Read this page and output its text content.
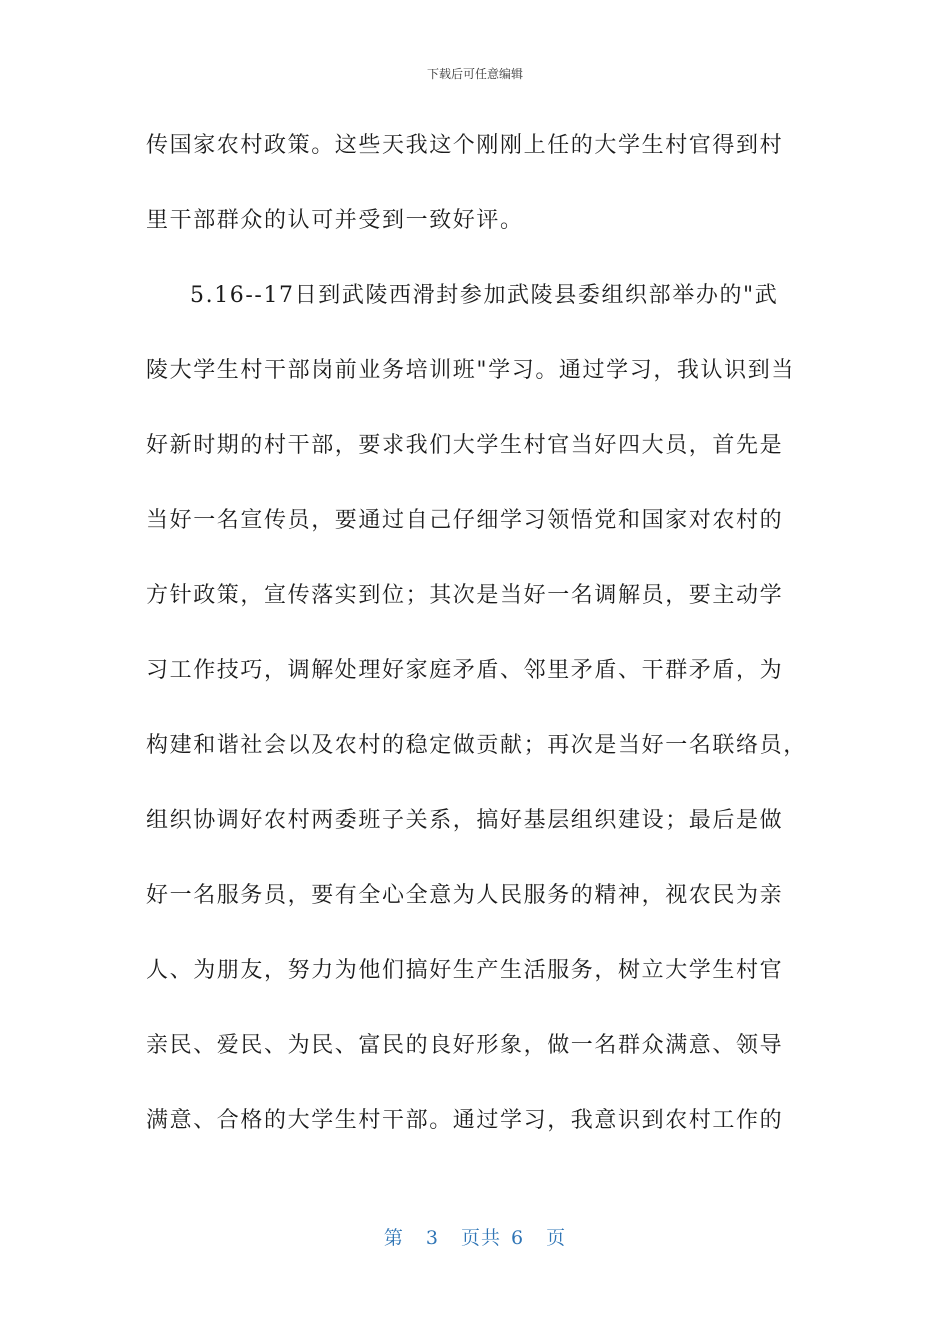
下载后可任意编辑
传国家农村政策。这些天我这个刚刚上任的大学生村官得到村
里干部群众的认可并受到一致好评。
5.16--17日到武陵西滑封参加武陵县委组织部举办的"武
陵大学生村干部岗前业务培训班"学习。通过学习，我认识到当
好新时期的村干部，要求我们大学生村官当好四大员，首先是
当好一名宣传员，要通过自己仔细学习领悟党和国家对农村的
方针政策，宣传落实到位；其次是当好一名调解员，要主动学
习工作技巧，调解处理好家庭矛盾、邻里矛盾、干群矛盾，为
构建和谐社会以及农村的稳定做贡献；再次是当好一名联络员，
组织协调好农村两委班子关系，搞好基层组织建设；最后是做
好一名服务员，要有全心全意为人民服务的精神，视农民为亲
人、为朋友，努力为他们搞好生产生活服务，树立大学生村官
亲民、爱民、为民、富民的良好形象，做一名群众满意、领导
满意、合格的大学生村干部。通过学习，我意识到农村工作的
第 3 页共 6 页
